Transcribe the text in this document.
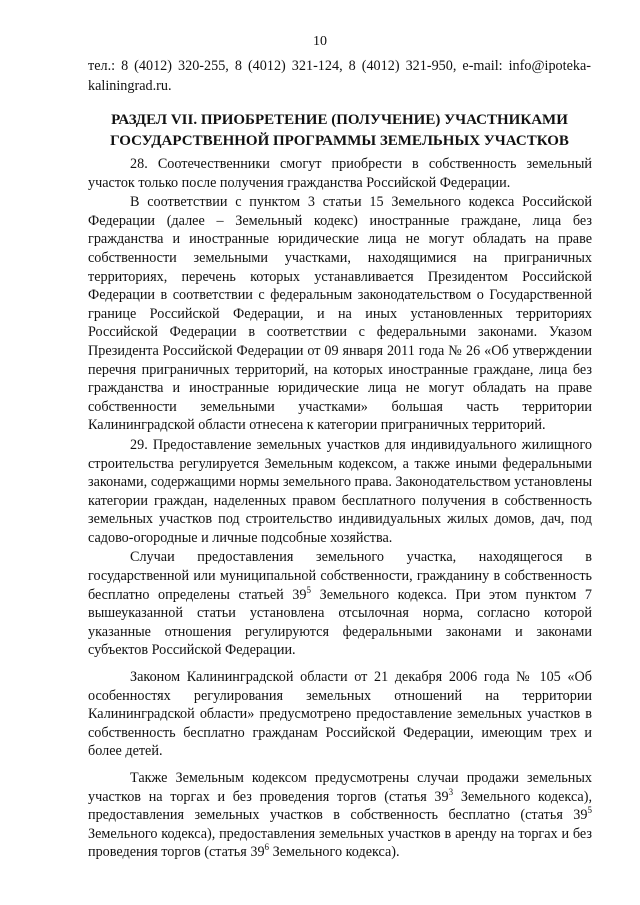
10
тел.: 8 (4012) 320-255, 8 (4012) 321-124, 8 (4012) 321-950, e-mail: info@ipoteka-kaliningrad.ru.
РАЗДЕЛ VII. ПРИОБРЕТЕНИЕ (ПОЛУЧЕНИЕ) УЧАСТНИКАМИ
ГОСУДАРСТВЕННОЙ ПРОГРАММЫ ЗЕМЕЛЬНЫХ УЧАСТКОВ

28. Соотечественники смогут приобрести в собственность земельный участок только после получения гражданства Российской Федерации.

В соответствии с пунктом 3 статьи 15 Земельного кодекса Российской Федерации (далее – Земельный кодекс) иностранные граждане, лица без гражданства и иностранные юридические лица не могут обладать на праве собственности земельными участками, находящимися на приграничных территориях, перечень которых устанавливается Президентом Российской Федерации в соответствии с федеральным законодательством о Государственной границе Российской Федерации, и на иных установленных территориях Российской Федерации в соответствии с федеральными законами. Указом Президента Российской Федерации от 09 января 2011 года № 26 «Об утверждении перечня приграничных территорий, на которых иностранные граждане, лица без гражданства и иностранные юридические лица не могут обладать на праве собственности земельными участками» большая часть территории Калининградской области отнесена к категории приграничных территорий.

29. Предоставление земельных участков для индивидуального жилищного строительства регулируется Земельным кодексом, а также иными федеральными законами, содержащими нормы земельного права. Законодательством установлены категории граждан, наделенных правом бесплатного получения в собственность земельных участков под строительство индивидуальных жилых домов, дач, под садово-огородные и личные подсобные хозяйства.

Случаи предоставления земельного участка, находящегося в государственной или муниципальной собственности, гражданину в собственность бесплатно определены статьей $39^5$ Земельного кодекса. При этом пунктом 7 вышеуказанной статьи установлена отсылочная норма, согласно которой указанные отношения регулируются федеральными законами и законами субъектов Российской Федерации.

Законом Калининградской области от 21 декабря 2006 года № 105 «Об особенностях регулирования земельных отношений на территории Калининградской области» предусмотрено предоставление земельных участков в собственность бесплатно гражданам Российской Федерации, имеющим трех и более детей.

Также Земельным кодексом предусмотрены случаи продажи земельных участков на торгах и без проведения торгов (статья $39^3$ Земельного кодекса), предоставления земельных участков в собственность бесплатно (статья $39^5$ Земельного кодекса), предоставления земельных участков в аренду на торгах и без проведения торгов (статья $39^6$ Земельного кодекса).
